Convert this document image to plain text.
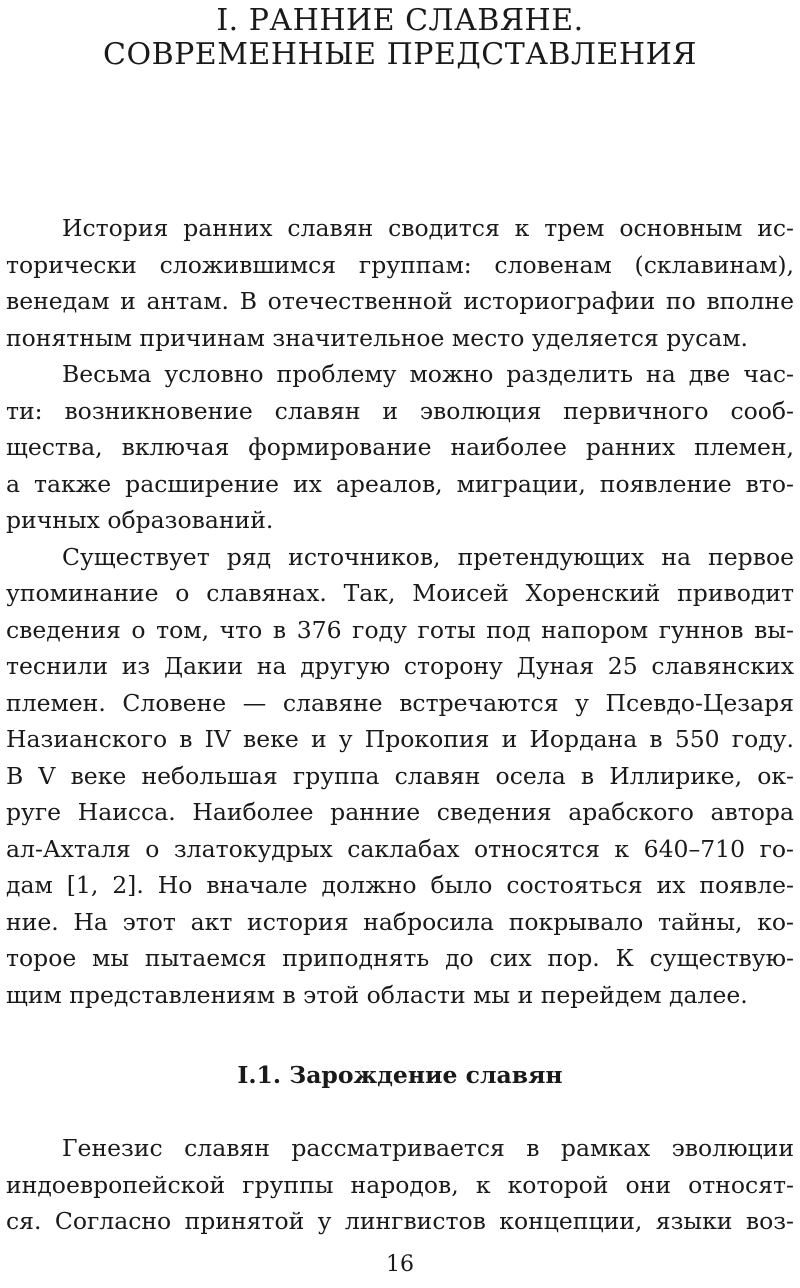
I. РАННИЕ СЛАВЯНЕ.
СОВРЕМЕННЫЕ ПРЕДСТАВЛЕНИЯ

История ранних славян сводится к трем основным ис-
торически сложившимся группам: словенам (склавинам),
венедам и антам. В отечественной историографии по вполне
понятным причинам значительное место уделяется русам.

Весьма условно проблему можно разделить на две час-
ти: возникновение славян и эволюция первичного сооб-
щества, включая формирование наиболее ранних племен,
а также расширение их ареалов, миграции, появление вто-
ричных образований.

Существует ряд источников, претендующих на первое
упоминание о славянах. Так, Моисей Хоренский приводит
сведения о том, что в 376 году готы под напором гуннов вы-
теснили из Дакии на другую сторону Дуная 25 славянских
племен. Словене — славяне встречаются у Псевдо-Цезаря
Назианского в IV веке и у Прокопия и Иордана в 550 году.
В V веке небольшая группа славян осела в Иллирике, ок-
руге Наисса. Наиболее ранние сведения арабского автора
ал-Ахталя о златокудрых саклабах относятся к 640–710 го-
дам [1, 2]. Но вначале должно было состояться их появле-
ние. На этот акт история набросила покрывало тайны, ко-
торое мы пытаемся приподнять до сих пор. К существую-
щим представлениям в этой области мы и перейдем далее.

I.1. Зарождение славян

Генезис славян рассматривается в рамках эволюции
индоевропейской группы народов, к которой они относят-
ся. Согласно принятой у лингвистов концепции, языки воз-

16
